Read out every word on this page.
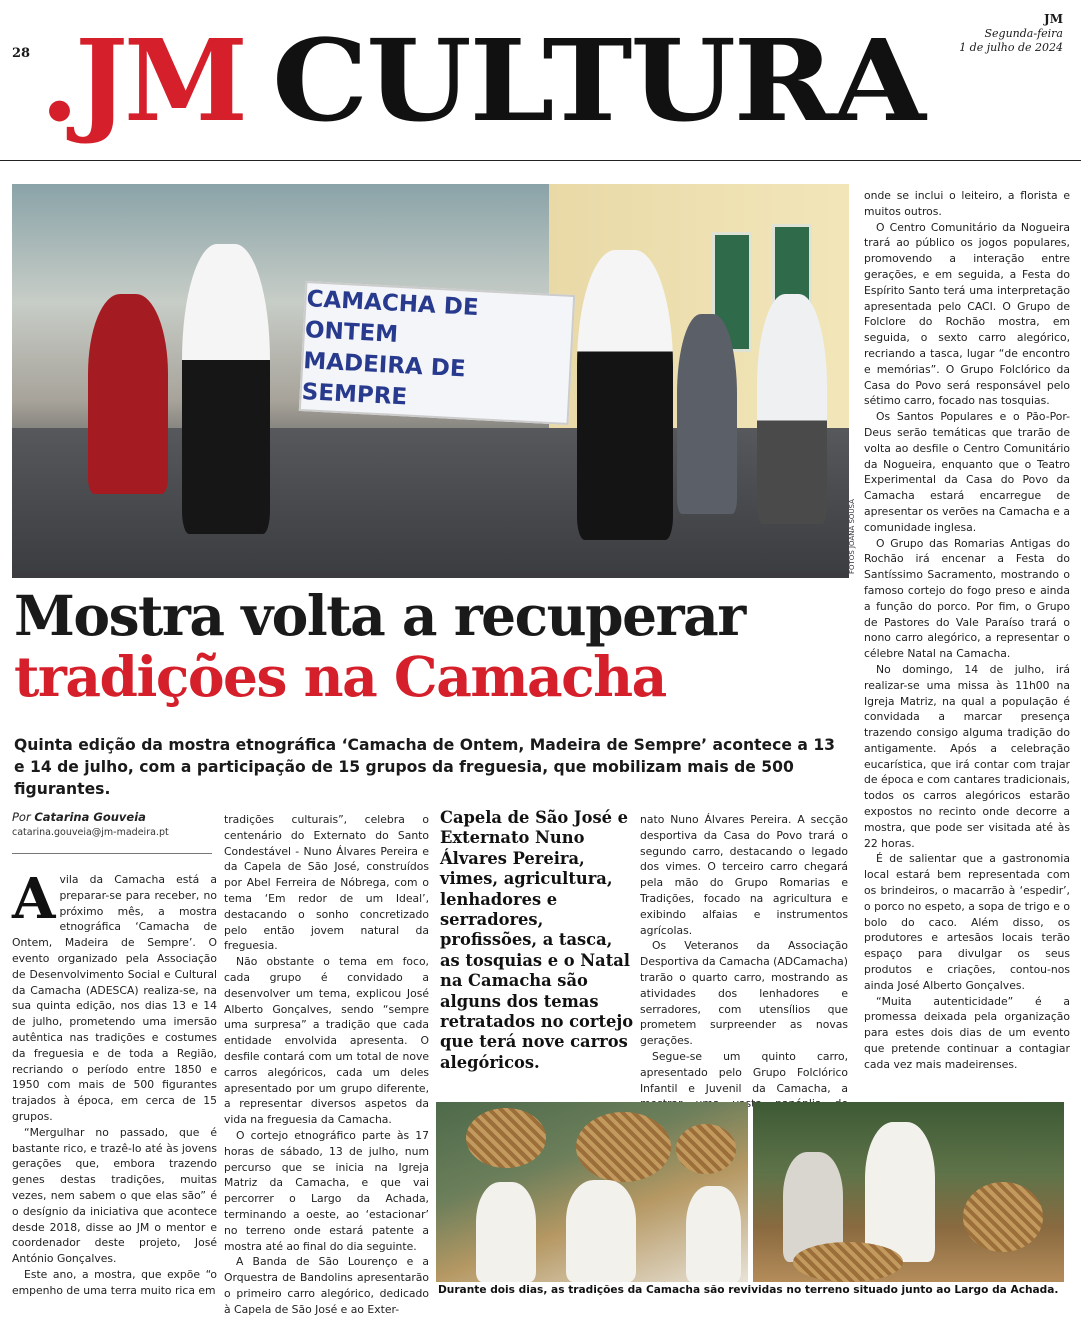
28 .JM CULTURA	JM
Segunda-feira
1 de julho de 2024
CAMACHA DE ONTEM
MADEIRA DE SEMPRE
FOTOS JOANA SOUSA
Mostra volta a recuperar
tradições na Camacha
Quinta edição da mostra etnográfica ‘Camacha de Ontem, Madeira de Sempre’ acontece a 13 e 14 de julho, com a participação de 15 grupos da freguesia, que mobilizam mais de 500 figurantes.
Por Catarina Gouveia
catarina.gouveia@jm-madeira.pt

Avila da Camacha está a preparar-se para receber, no próximo mês, a mostra etnográfica ‘Camacha de Ontem, Madeira de Sempre’. O evento organizado pela Associação de Desenvolvimento Social e Cultural da Camacha (ADESCA) realiza-se, na sua quinta edição, nos dias 13 e 14 de julho, prometendo uma imersão autêntica nas tradições e costumes da freguesia e de toda a Região, recriando o período entre 1850 e 1950 com mais de 500 figurantes trajados à época, em cerca de 15 grupos.

“Mergulhar no passado, que é bastante rico, e trazê-lo até às jovens gerações que, embora trazendo genes destas tradições, muitas vezes, nem sabem o que elas são” é o desígnio da iniciativa que acontece desde 2018, disse ao JM o mentor e coordenador deste projeto, José António Gonçalves.

Este ano, a mostra, que expõe “o empenho de uma terra muito rica em

tradições culturais”, celebra o centenário do Externato do Santo Condestável - Nuno Álvares Pereira e da Capela de São José, construídos por Abel Ferreira de Nóbrega, com o tema ‘Em redor de um Ideal’, destacando o sonho concretizado pelo então jovem natural da freguesia.

Não obstante o tema em foco, cada grupo é convidado a desenvolver um tema, explicou José Alberto Gonçalves, sendo “sempre uma surpresa” a tradição que cada entidade envolvida apresenta. O desfile contará com um total de nove carros alegóricos, cada um deles apresentado por um grupo diferente, a representar diversos aspetos da vida na freguesia da Camacha.

O cortejo etnográfico parte às 17 horas de sábado, 13 de julho, num percurso que se inicia na Igreja Matriz da Camacha, e que vai percorrer o Largo da Achada, terminando a oeste, ao ‘estacionar’ no terreno onde estará patente a mostra até ao final do dia seguinte.

A Banda de São Lourenço e a Orquestra de Bandolins apresentarão o primeiro carro alegórico, dedicado à Capela de São José e ao Exter-

Capela de São José e Externato Nuno Álvares Pereira, vimes, agricultura, lenhadores e serradores, profissões, a tasca, as tosquias e o Natal na Camacha são alguns dos temas retratados no cortejo que terá nove carros alegóricos.

nato Nuno Álvares Pereira. A secção desportiva da Casa do Povo trará o segundo carro, destacando o legado dos vimes. O terceiro carro chegará pela mão do Grupo Romarias e Tradições, focado na agricultura e exibindo alfaias e instrumentos agrícolas.

Os Veteranos da Associação Desportiva da Camacha (ADCamacha) trarão o quarto carro, mostrando as atividades dos lenhadores e serradores, com utensílios que prometem surpreender as novas gerações.

Segue-se um quinto carro, apresentado pelo Grupo Folclórico Infantil e Juvenil da Camacha, a

onde se inclui o leiteiro, a florista e muitos outros.

O Centro Comunitário da Nogueira trará ao público os jogos populares, promovendo a interação entre gerações, e em seguida, a Festa do Espírito Santo terá uma interpretação apresentada pelo CACI. O Grupo de Folclore do Rochão mostra, em seguida, o sexto carro alegórico, recriando a tasca, lugar “de encontro e memórias”. O Grupo Folclórico da Casa do Povo será responsável pelo sétimo carro, focado nas tosquias.

Os Santos Populares e o Pão-Por-Deus serão temáticas que trarão de volta ao desfile o Centro Comunitário da Nogueira, enquanto que o Teatro Experimental da Casa do Povo da Camacha estará encarregue de apresentar os verões na Camacha e a comunidade inglesa.

O Grupo das Romarias Antigas do Rochão irá encenar a Festa do Santíssimo Sacramento, mostrando o famoso cortejo do fogo preso e ainda a função do porco. Por fim, o Grupo de Pastores do Vale Paraíso trará o nono carro alegórico, a representar o célebre Natal na Camacha.

No domingo, 14 de julho, irá realizar-se uma missa às 11h00 na Igreja Matriz, na qual a população é convidada a marcar presença trazendo consigo alguma tradição do antigamente. Após a celebração eucarística, que irá contar com trajar de época e com cantares tradicionais, todos os carros alegóricos estarão expostos no recinto onde decorre a mostra, que pode ser visitada até às 22 horas.

É de salientar que a gastronomia local estará bem representada com os brindeiros, o macarrão à ‘espedir’, o porco no espeto, a sopa de trigo e o bolo do caco. Além disso, os produtores e artesãos locais terão espaço para divulgar os seus produtos e criações, contou-nos ainda José Alberto Gonçalves.

“Muita autenticidade” é a promessa deixada pela organização para estes dois dias de um evento que pretende continuar a contagiar cada vez mais madeirenses.

Durante dois dias, as tradições da Camacha são revividas no terreno situado junto ao Largo da Achada.
